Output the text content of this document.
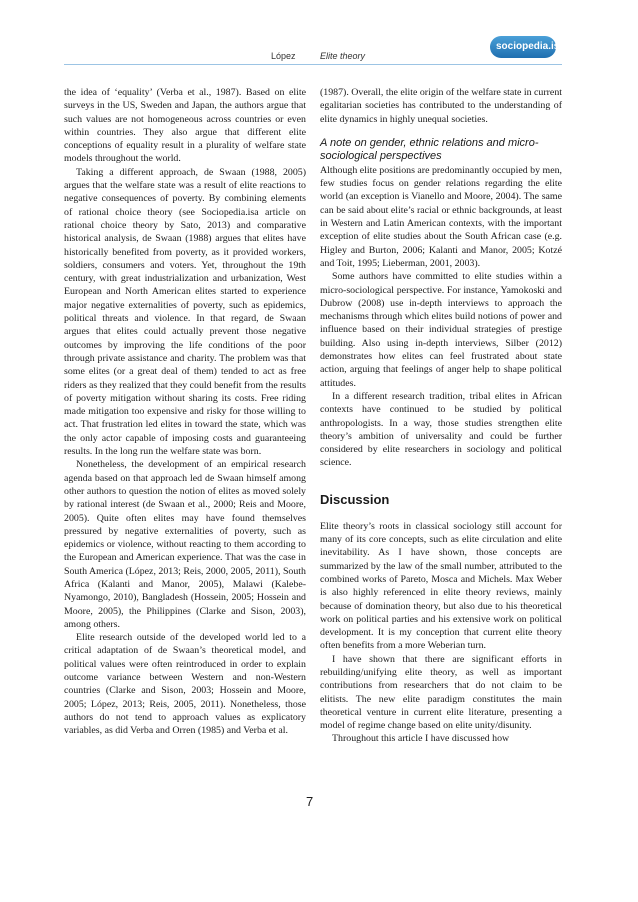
López	Elite theory
sociopedia.isa

the idea of ‘equality’ (Verba et al., 1987). Based on elite surveys in the US, Sweden and Japan, the authors argue that such values are not homogeneous across countries or even within countries. They also argue that different elite conceptions of equality result in a plurality of welfare state models throughout the world.

Taking a different approach, de Swaan (1988, 2005) argues that the welfare state was a result of elite reactions to negative consequences of poverty. By combining elements of rational choice theory (see Sociopedia.isa article on rational choice theory by Sato, 2013) and comparative historical analysis, de Swaan (1988) argues that elites have historically benefited from poverty, as it provided workers, soldiers, consumers and voters. Yet, throughout the 19th century, with great industrialization and urbanization, West European and North American elites started to experience major negative externalities of poverty, such as epidemics, political threats and violence. In that regard, de Swaan argues that elites could actually prevent those negative outcomes by improving the life conditions of the poor through private assistance and charity. The problem was that some elites (or a great deal of them) tended to act as free riders as they realized that they could benefit from the results of poverty mitigation without sharing its costs. Free riding made mitigation too expensive and risky for those willing to act. That frustration led elites in toward the state, which was the only actor capable of imposing costs and guaranteeing results. In the long run the welfare state was born.

Nonetheless, the development of an empirical research agenda based on that approach led de Swaan himself among other authors to question the notion of elites as moved solely by rational interest (de Swaan et al., 2000; Reis and Moore, 2005). Quite often elites may have found themselves pressured by negative externalities of poverty, such as epidemics or violence, without reacting to them according to the European and American experience. That was the case in South America (López, 2013; Reis, 2000, 2005, 2011), South Africa (Kalanti and Manor, 2005), Malawi (Kalebe-Nyamongo, 2010), Bangladesh (Hossein, 2005; Hossein and Moore, 2005), the Philippines (Clarke and Sison, 2003), among others.

Elite research outside of the developed world led to a critical adaptation of de Swaan’s theoretical model, and political values were often reintroduced in order to explain outcome variance between Western and non-Western countries (Clarke and Sison, 2003; Hossein and Moore, 2005; López, 2013; Reis, 2005, 2011). Nonetheless, those authors do not tend to approach values as explicatory variables, as did Verba and Orren (1985) and Verba et al.

(1987). Overall, the elite origin of the welfare state in current egalitarian societies has contributed to the understanding of elite dynamics in highly unequal societies.

A note on gender, ethnic relations and micro-sociological perspectives

Although elite positions are predominantly occupied by men, few studies focus on gender relations regarding the elite world (an exception is Vianello and Moore, 2004). The same can be said about elite’s racial or ethnic backgrounds, at least in Western and Latin American contexts, with the important exception of elite studies about the South African case (e.g. Higley and Burton, 2006; Kalanti and Manor, 2005; Kotzé and Toit, 1995; Lieberman, 2001, 2003).

Some authors have committed to elite studies within a micro-sociological perspective. For instance, Yamokoski and Dubrow (2008) use in-depth interviews to approach the mechanisms through which elites build notions of power and influence based on their individual strategies of prestige building. Also using in-depth interviews, Silber (2012) demonstrates how elites can feel frustrated about state action, arguing that feelings of anger help to shape political attitudes.

In a different research tradition, tribal elites in African contexts have continued to be studied by political anthropologists. In a way, those studies strengthen elite theory’s ambition of universality and could be further considered by elite researchers in sociology and political science.

Discussion

Elite theory’s roots in classical sociology still account for many of its core concepts, such as elite circulation and elite inevitability. As I have shown, those concepts are summarized by the law of the small number, attributed to the combined works of Pareto, Mosca and Michels. Max Weber is also highly referenced in elite theory reviews, mainly because of domination theory, but also due to his theoretical work on political parties and his extensive work on political development. It is my conception that current elite theory often benefits from a more Weberian turn.

I have shown that there are significant efforts in rebuilding/unifying elite theory, as well as important contributions from researchers that do not claim to be elitists. The new elite paradigm constitutes the main theoretical venture in current elite literature, presenting a model of regime change based on elite unity/disunity.

Throughout this article I have discussed how

7
